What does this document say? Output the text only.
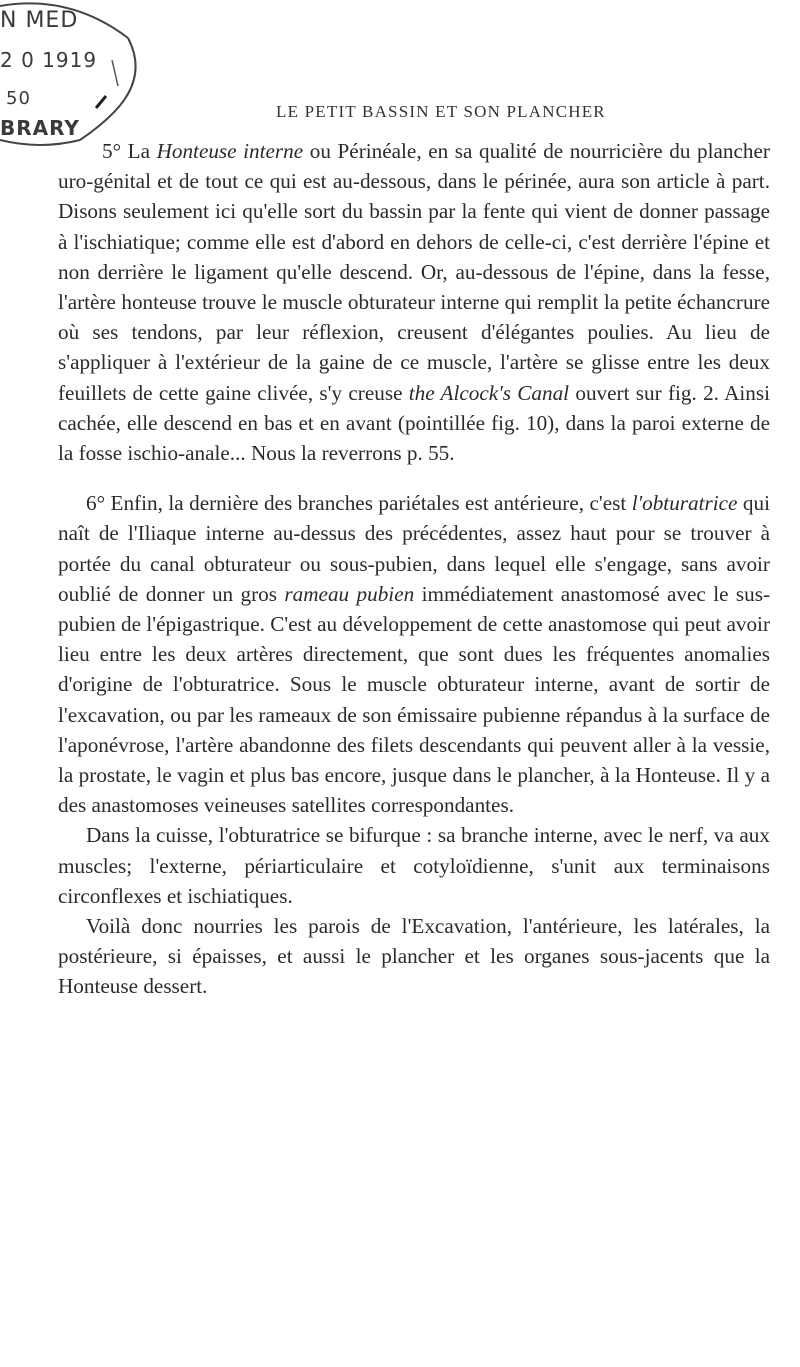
N MED
2 0 1919
50
BRARY
LE PETIT BASSIN ET SON PLANCHER

5° La Honteuse interne ou Périnéale, en sa qualité de nourricière du plancher uro-génital et de tout ce qui est au-dessous, dans le périnée, aura son article à part. Disons seulement ici qu'elle sort du bassin par la fente qui vient de donner passage à l'ischiatique; comme elle est d'abord en dehors de celle-ci, c'est derrière l'épine et non derrière le ligament qu'elle descend. Or, au-dessous de l'épine, dans la fesse, l'artère honteuse trouve le muscle obturateur interne qui remplit la petite échancrure où ses tendons, par leur réflexion, creusent d'élégantes poulies. Au lieu de s'appliquer à l'extérieur de la gaine de ce muscle, l'artère se glisse entre les deux feuillets de cette gaine clivée, s'y creuse the Alcock's Canal ouvert sur fig. 2. Ainsi cachée, elle descend en bas et en avant (pointillée fig. 10), dans la paroi externe de la fosse ischio-anale... Nous la reverrons p. 55.

6° Enfin, la dernière des branches pariétales est antérieure, c'est l'obturatrice qui naît de l'Iliaque interne au-dessus des précédentes, assez haut pour se trouver à portée du canal obturateur ou sous-pubien, dans lequel elle s'engage, sans avoir oublié de donner un gros rameau pubien immédiatement anastomosé avec le sus-pubien de l'épigastrique. C'est au développement de cette anastomose qui peut avoir lieu entre les deux artères directement, que sont dues les fréquentes anomalies d'origine de l'obturatrice. Sous le muscle obturateur interne, avant de sortir de l'excavation, ou par les rameaux de son émissaire pubienne répandus à la surface de l'aponévrose, l'artère abandonne des filets descendants qui peuvent aller à la vessie, la prostate, le vagin et plus bas encore, jusque dans le plancher, à la Honteuse. Il y a des anastomoses veineuses satellites correspondantes.

Dans la cuisse, l'obturatrice se bifurque : sa branche interne, avec le nerf, va aux muscles; l'externe, périarticulaire et cotyloïdienne, s'unit aux terminaisons circonflexes et ischiatiques.

Voilà donc nourries les parois de l'Excavation, l'antérieure, les latérales, la postérieure, si épaisses, et aussi le plancher et les organes sous-jacents que la Honteuse dessert.
